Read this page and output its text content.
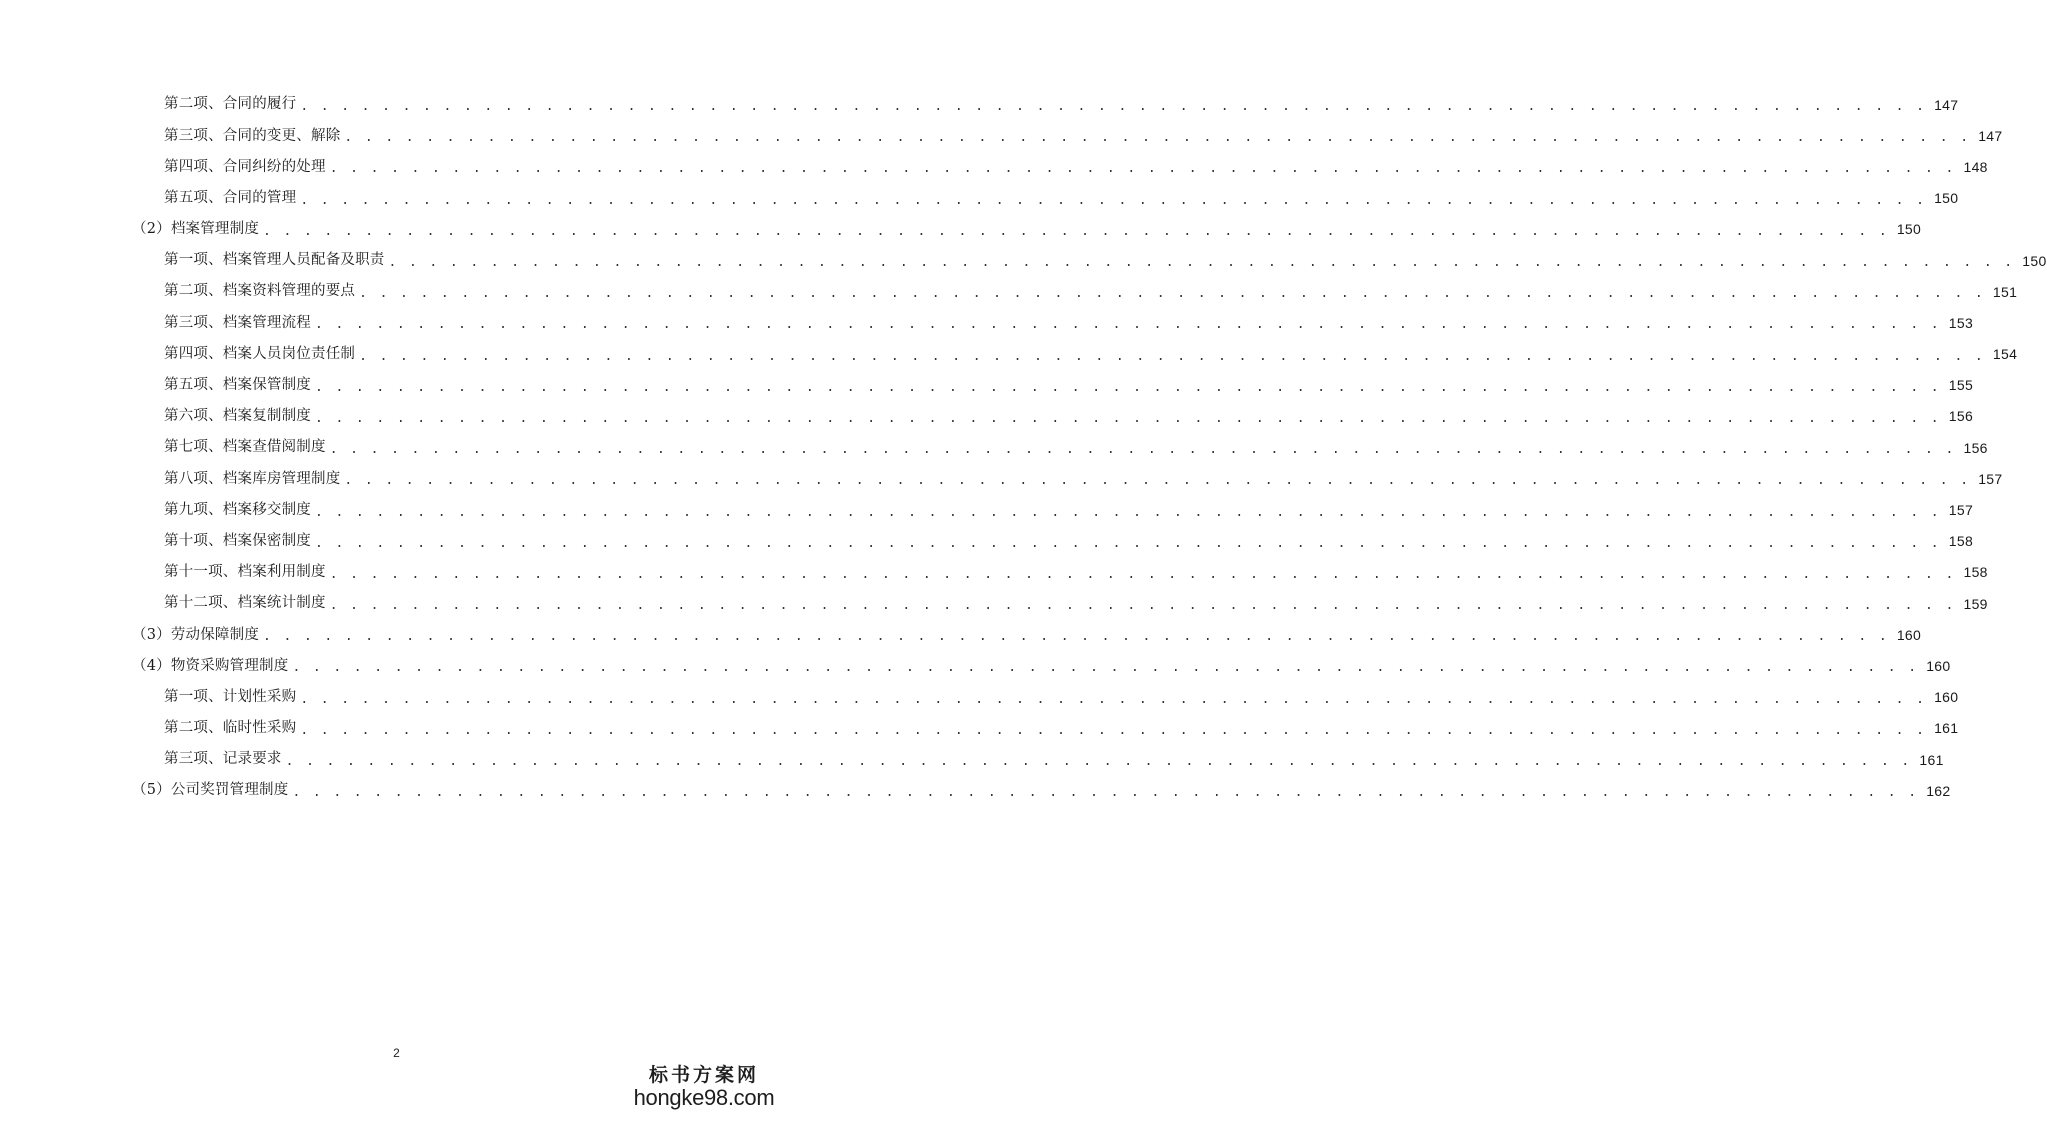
第二项、合同的履行 . . . . . . . . . . . . . . . . . . . . . . . . . . . . . . . . . . . . . . . . . . . . . . . . . . . . . . . . . . . . . . . . . . . . . . . . . . . . . . . . 147
第三项、合同的变更、解除 . . . . . . . . . . . . . . . . . . . . . . . . . . . . . . . . . . . . . . . . . . . . . . . . . . . . . . . . . . . . . . . . . . . . . . . . . . . . . . . . 147
第四项、合同纠纷的处理 . . . . . . . . . . . . . . . . . . . . . . . . . . . . . . . . . . . . . . . . . . . . . . . . . . . . . . . . . . . . . . . . . . . . . . . . . . . . . . . . 148
第五项、合同的管理 . . . . . . . . . . . . . . . . . . . . . . . . . . . . . . . . . . . . . . . . . . . . . . . . . . . . . . . . . . . . . . . . . . . . . . . . . . . . . . . . 150
（2）档案管理制度 . . . . . . . . . . . . . . . . . . . . . . . . . . . . . . . . . . . . . . . . . . . . . . . . . . . . . . . . . . . . . . . . . . . . . . . . . . . . . . . . 150
第一项、档案管理人员配备及职责 . . . . . . . . . . . . . . . . . . . . . . . . . . . . . . . . . . . . . . . . . . . . . . . . . . . . . . . . . . . . . . . . . . . . . . . . . . . . . . . . 150
第二项、档案资料管理的要点 . . . . . . . . . . . . . . . . . . . . . . . . . . . . . . . . . . . . . . . . . . . . . . . . . . . . . . . . . . . . . . . . . . . . . . . . . . . . . . . . 151
第三项、档案管理流程 . . . . . . . . . . . . . . . . . . . . . . . . . . . . . . . . . . . . . . . . . . . . . . . . . . . . . . . . . . . . . . . . . . . . . . . . . . . . . . . . 153
第四项、档案人员岗位责任制 . . . . . . . . . . . . . . . . . . . . . . . . . . . . . . . . . . . . . . . . . . . . . . . . . . . . . . . . . . . . . . . . . . . . . . . . . . . . . . . . 154
第五项、档案保管制度 . . . . . . . . . . . . . . . . . . . . . . . . . . . . . . . . . . . . . . . . . . . . . . . . . . . . . . . . . . . . . . . . . . . . . . . . . . . . . . . . 155
第六项、档案复制制度 . . . . . . . . . . . . . . . . . . . . . . . . . . . . . . . . . . . . . . . . . . . . . . . . . . . . . . . . . . . . . . . . . . . . . . . . . . . . . . . . 156
第七项、档案查借阅制度 . . . . . . . . . . . . . . . . . . . . . . . . . . . . . . . . . . . . . . . . . . . . . . . . . . . . . . . . . . . . . . . . . . . . . . . . . . . . . . . . 156
第八项、档案库房管理制度 . . . . . . . . . . . . . . . . . . . . . . . . . . . . . . . . . . . . . . . . . . . . . . . . . . . . . . . . . . . . . . . . . . . . . . . . . . . . . . . . 157
第九项、档案移交制度 . . . . . . . . . . . . . . . . . . . . . . . . . . . . . . . . . . . . . . . . . . . . . . . . . . . . . . . . . . . . . . . . . . . . . . . . . . . . . . . . 157
第十项、档案保密制度 . . . . . . . . . . . . . . . . . . . . . . . . . . . . . . . . . . . . . . . . . . . . . . . . . . . . . . . . . . . . . . . . . . . . . . . . . . . . . . . . 158
第十一项、档案利用制度 . . . . . . . . . . . . . . . . . . . . . . . . . . . . . . . . . . . . . . . . . . . . . . . . . . . . . . . . . . . . . . . . . . . . . . . . . . . . . . . . 158
第十二项、档案统计制度 . . . . . . . . . . . . . . . . . . . . . . . . . . . . . . . . . . . . . . . . . . . . . . . . . . . . . . . . . . . . . . . . . . . . . . . . . . . . . . . . 159
（3）劳动保障制度 . . . . . . . . . . . . . . . . . . . . . . . . . . . . . . . . . . . . . . . . . . . . . . . . . . . . . . . . . . . . . . . . . . . . . . . . . . . . . . . . 160
（4）物资采购管理制度 . . . . . . . . . . . . . . . . . . . . . . . . . . . . . . . . . . . . . . . . . . . . . . . . . . . . . . . . . . . . . . . . . . . . . . . . . . . . . . . . 160
第一项、计划性采购 . . . . . . . . . . . . . . . . . . . . . . . . . . . . . . . . . . . . . . . . . . . . . . . . . . . . . . . . . . . . . . . . . . . . . . . . . . . . . . . . 160
第二项、临时性采购 . . . . . . . . . . . . . . . . . . . . . . . . . . . . . . . . . . . . . . . . . . . . . . . . . . . . . . . . . . . . . . . . . . . . . . . . . . . . . . . . 161
第三项、记录要求 . . . . . . . . . . . . . . . . . . . . . . . . . . . . . . . . . . . . . . . . . . . . . . . . . . . . . . . . . . . . . . . . . . . . . . . . . . . . . . . . 161
（5）公司奖罚管理制度 . . . . . . . . . . . . . . . . . . . . . . . . . . . . . . . . . . . . . . . . . . . . . . . . . . . . . . . . . . . . . . . . . . . . . . . . . . . . . . . . 162
2
标书方案网
hongke98.com
